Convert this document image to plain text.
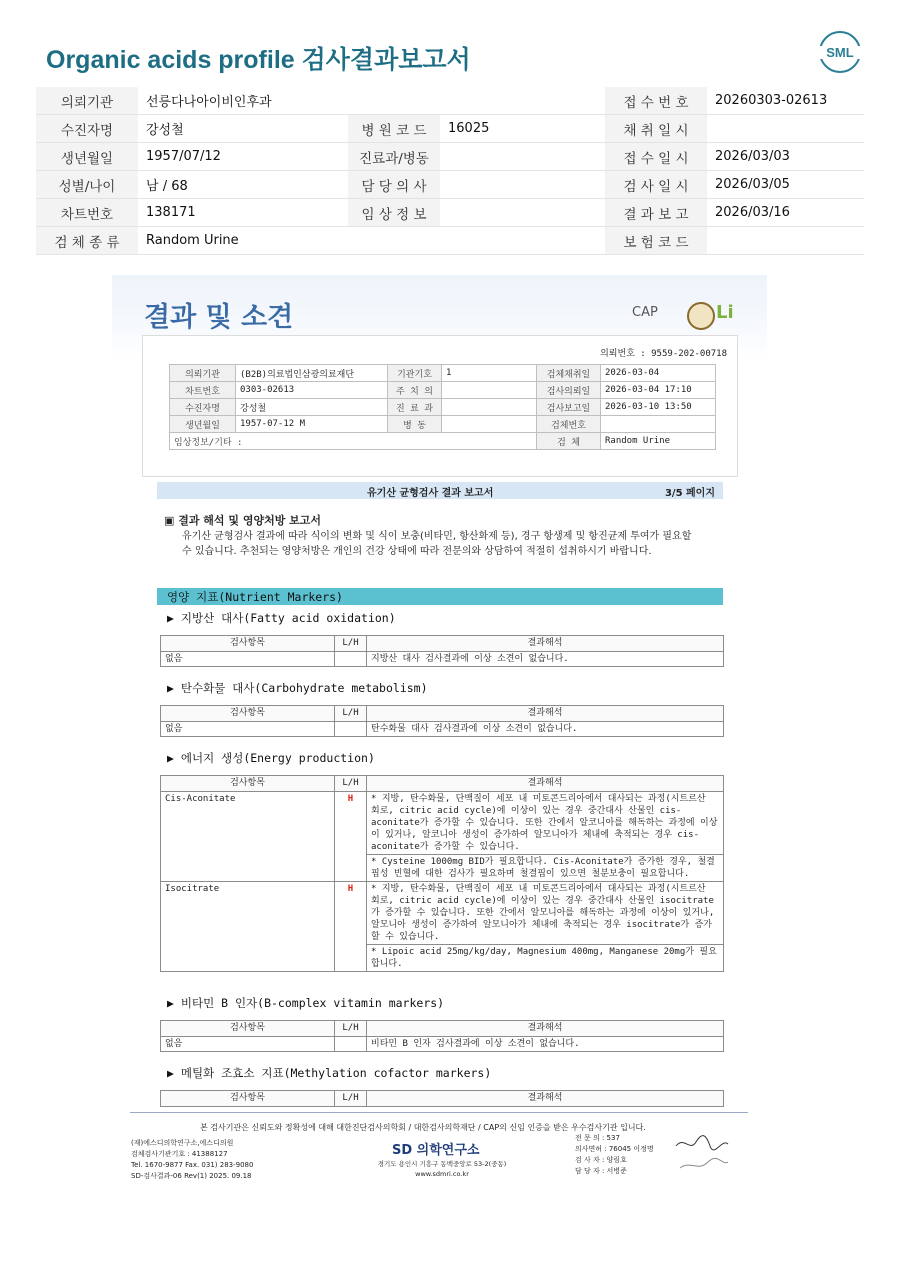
Organic acids profile 검사결과보고서	SML
의뢰기관	선릉다나아이비인후과			접 수 번 호	20260303-02613
수진자명	강성철	병 원 코 드	16025	채 취 일 시	
생년월일	1957/07/12	진료과/병동		접 수 일 시	2026/03/03
성별/나이	남 / 68	담 당 의 사		검 사 일 시	2026/03/05
차트번호	138171	임 상 정 보		결 과 보 고	2026/03/16
검 체 종 류	Random Urine			보 험 코 드	
결과 및 소견	CAP	Li
의뢰번호 : 9559-202-00718
의뢰기관	(B2B)의료법인삼광의료재단	기관기호	1	검체채취일	2026-03-04
차트번호	0303-02613	주 치 의		검사의뢰일	2026-03-04 17:10
수진자명	강성철	진 료 과		검사보고일	2026-03-10 13:50
생년월일	1957-07-12 M	병 동		검체번호	
임상정보/기타 :				검 체	Random Urine
유기산 균형검사 결과 보고서	3/5 페이지
▣ 결과 해석 및 영양처방 보고서
유기산 균형검사 결과에 따라 식이의 변화 및 식이 보충(비타민, 항산화제 등), 경구 항생제 및 항진균제 투여가 필요할 수 있습니다. 추천되는 영양처방은 개인의 건강 상태에 따라 전문의와 상담하여 적절히 섭취하시기 바랍니다.
영양 지표(Nutrient Markers)
▶ 지방산 대사(Fatty acid oxidation)
검사항목	L/H	결과해석
없음		지방산 대사 검사결과에 이상 소견이 없습니다.
▶ 탄수화물 대사(Carbohydrate metabolism)
검사항목	L/H	결과해석
없음		탄수화물 대사 검사결과에 이상 소견이 없습니다.
▶ 에너지 생성(Energy production)
검사항목	L/H	결과해석
Cis-Aconitate	H	* 지방, 탄수화물, 단백질이 세포 내 미토콘드리아에서 대사되는 과정(시트르산 회로, citric acid cycle)에 이상이 있는 경우 중간대사 산물인 cis-aconitate가 증가할 수 있습니다. 또한 간에서 알코니아를 해독하는 과정에 이상이 있거나, 알코니아 생성이 증가하여 알모니아가 체내에 축적되는 경우 cis-aconitate가 증가할 수 있습니다.
		* Cysteine 1000mg BID가 필요합니다. Cis-Aconitate가 증가한 경우, 철결핍성 빈혈에 대한 검사가 필요하며 철결핍이 있으면 철분보충이 필요합니다.
Isocitrate	H	* 지방, 탄수화물, 단백질이 세포 내 미토콘드리아에서 대사되는 과정(시트르산 회로, citric acid cycle)에 이상이 있는 경우 중간대사 산물인 isocitrate가 증가할 수 있습니다. 또한 간에서 알모니아를 해독하는 과정에 이상이 있거나, 알모니아 생성이 증가하여 알모니아가 체내에 축적되는 경우 isocitrate가 증가할 수 있습니다.
		* Lipoic acid 25mg/kg/day, Magnesium 400mg, Manganese 20mg가 필요합니다.
▶ 비타민 B 인자(B-complex vitamin markers)
검사항목	L/H	결과해석
없음		비타민 B 인자 검사결과에 이상 소견이 없습니다.
▶ 메틸화 조효소 지표(Methylation cofactor markers)
검사항목	L/H	결과해석
본 검사기관은 신뢰도와 정확성에 대해 대한진단검사의학회 / 대한검사의학재단 / CAP의 신임 인증을 받은 우수검사기관 입니다.
(재)에스디의학연구소,에스디의원
검체검사기관기호 : 41388127
Tel. 1670-9877 Fax. 031) 283-9080
SD-검사결과-06 Rev(1) 2025. 09.18
SD 의학연구소
경기도 용인시 기흥구 동백중앙로 53-2(중동)
www.sdmri.co.kr
전 문 의 : 537
의사면허 : 76045 이정명
검 사 자 : 양림호
담 당 자 : 서병준
